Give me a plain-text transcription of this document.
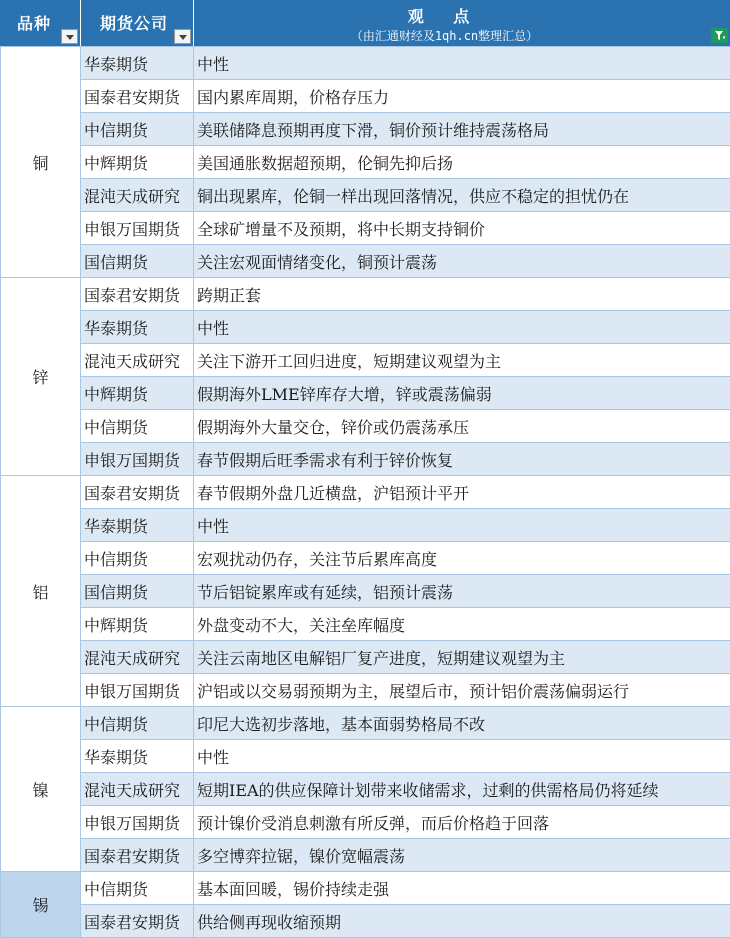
品种	期货公司	观 点
（由汇通财经及1qh.cn整理汇总）
铜	华泰期货	中性
	国泰君安期货	国内累库周期，价格存压力
	中信期货	美联储降息预期再度下滑，铜价预计维持震荡格局
	中辉期货	美国通胀数据超预期，伦铜先抑后扬
	混沌天成研究	铜出现累库，伦铜一样出现回落情况，供应不稳定的担忧仍在
	申银万国期货	全球矿增量不及预期，将中长期支持铜价
	国信期货	关注宏观面情绪变化，铜预计震荡
锌	国泰君安期货	跨期正套
	华泰期货	中性
	混沌天成研究	关注下游开工回归进度，短期建议观望为主
	中辉期货	假期海外LME锌库存大增，锌或震荡偏弱
	中信期货	假期海外大量交仓，锌价或仍震荡承压
	申银万国期货	春节假期后旺季需求有利于锌价恢复
铝	国泰君安期货	春节假期外盘几近横盘，沪铝预计平开
	华泰期货	中性
	中信期货	宏观扰动仍存，关注节后累库高度
	国信期货	节后铝锭累库或有延续，铝预计震荡
	中辉期货	外盘变动不大，关注垒库幅度
	混沌天成研究	关注云南地区电解铝厂复产进度，短期建议观望为主
	申银万国期货	沪铝或以交易弱预期为主，展望后市，预计铝价震荡偏弱运行
镍	中信期货	印尼大选初步落地，基本面弱势格局不改
	华泰期货	中性
	混沌天成研究	短期IEA的供应保障计划带来收储需求，过剩的供需格局仍将延续
	申银万国期货	预计镍价受消息刺激有所反弹，而后价格趋于回落
	国泰君安期货	多空博弈拉锯，镍价宽幅震荡
锡	中信期货	基本面回暖，锡价持续走强
	国泰君安期货	供给侧再现收缩预期
